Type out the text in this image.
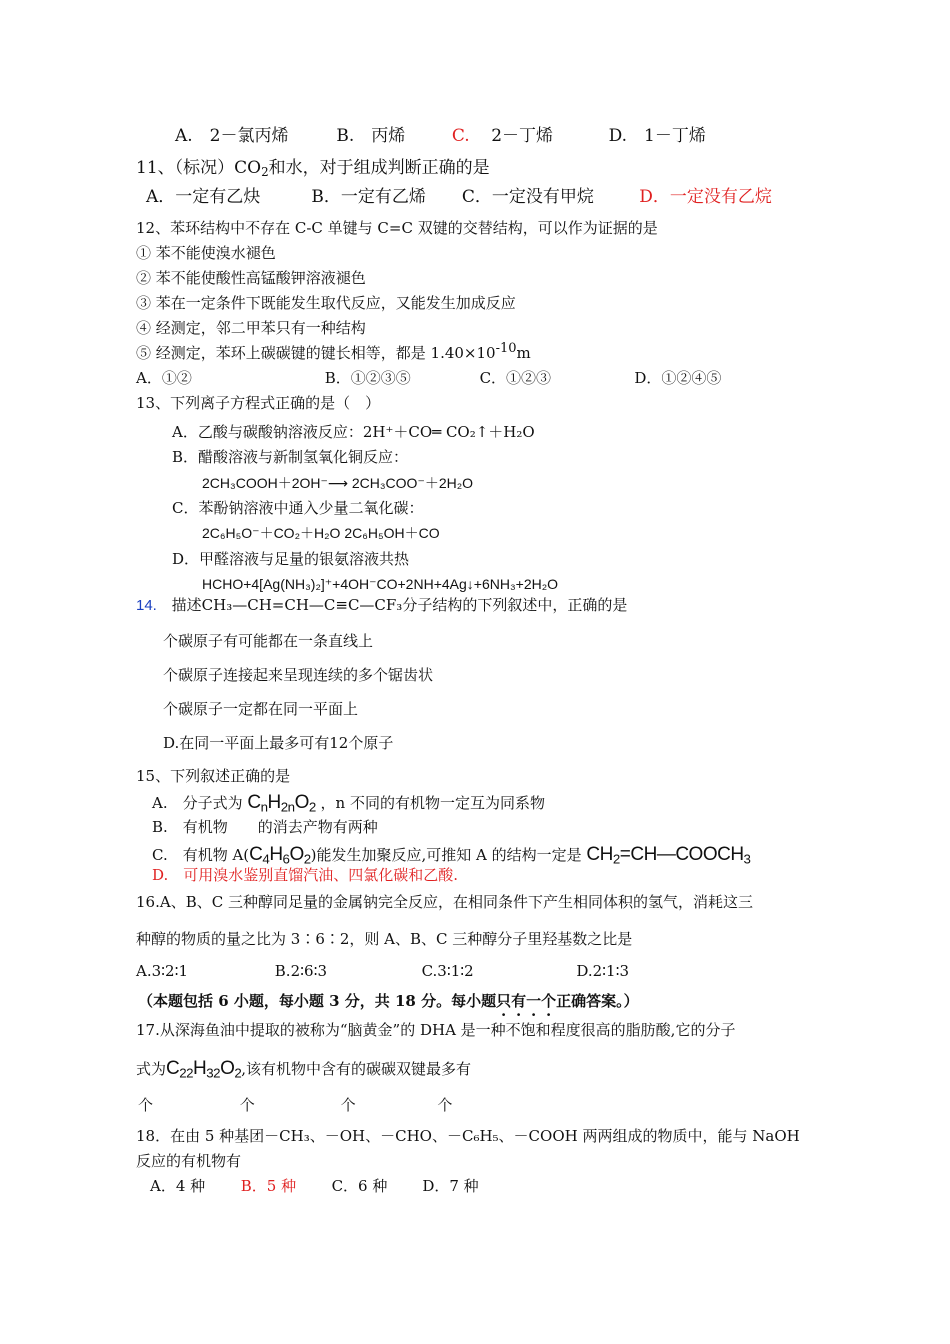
A.　2－氯丙烯	B.　丙烯	C. 2－丁烯	D.　1－丁烯
11、（标况）$CO_2$和水，对于组成判断正确的是
A．一定有乙炔	B．一定有乙烯 C．一定没有甲烷	D．一定没有乙烷
12、苯环结构中不存在 C-C 单键与 C=C 双键的交替结构，可以作为证据的是
① 苯不能使溴水褪色
② 苯不能使酸性高锰酸钾溶液褪色
③ 苯在一定条件下既能发生取代反应，又能发生加成反应
④ 经测定，邻二甲苯只有一种结构
⑤ 经测定，苯环上碳碳键的键长相等，都是 $1.40\times 10^{-10}m$
A．①②	B．①②③⑤	C．①②③	D．①②④⑤
13、下列离子方程式正确的是（　）
A．乙酸与碳酸钠溶液反应：2H⁺＋CO═ CO₂↑＋H₂O
B．醋酸溶液与新制氢氧化铜反应：
2CH₃COOH＋2OH⁻⟶ 2CH₃COO⁻＋2H₂O
C．苯酚钠溶液中通入少量二氧化碳：
2C₆H₅O⁻＋CO₂＋H₂O 2C₆H₅OH＋CO
D．甲醛溶液与足量的银氨溶液共热
HCHO+4[Ag(NH₃)₂]⁺+4OH⁻CO+2NH+4Ag↓+6NH₃+2H₂O
14. 描述CH₃—CH=CH—C≡C—CF₃分子结构的下列叙述中，正确的是
个碳原子有可能都在一条直线上
个碳原子连接起来呈现连续的多个锯齿状
个碳原子一定都在同一平面上
D.在同一平面上最多可有12个原子
15、下列叙述正确的是
A.　分子式为 $C_nH_{2n}O_2$ ，n 不同的有机物一定互为同系物
B.　有机物　　的消去产物有两种
C.　有机物 $A(C_4H_6O_2)$能发生加聚反应,可推知 A 的结构一定是 $CH_2=CH—COOCH_3$
D.　可用溴水鉴别直馏汽油、四氯化碳和乙酸.
16.A、B、C 三种醇同足量的金属钠完全反应，在相同条件下产生相同体积的氢气，消耗这三
种醇的物质的量之比为 3∶6∶2，则 A、B、C 三种醇分子里羟基数之比是
A.3∶2∶1	B.2∶6∶3	C.3∶1∶2	D.2∶1∶3
（本题包括 6 小题，每小题 3 分，共 18 分。每小题只有一个正确答案。）
17.从深海鱼油中提取的被称为“脑黄金”的 DHA 是一种不饱和程度很高的脂肪酸,它的分子
式为$C_{22}H_{32}O_2$,该有机物中含有的碳碳双键最多有
个	个	个	个
18．在由 5 种基团－CH₃、－OH、－CHO、－C₆H₅、－COOH 两两组成的物质中，能与 NaOH
反应的有机物有
A．4 种 B．5 种 C．6 种 D．7 种
